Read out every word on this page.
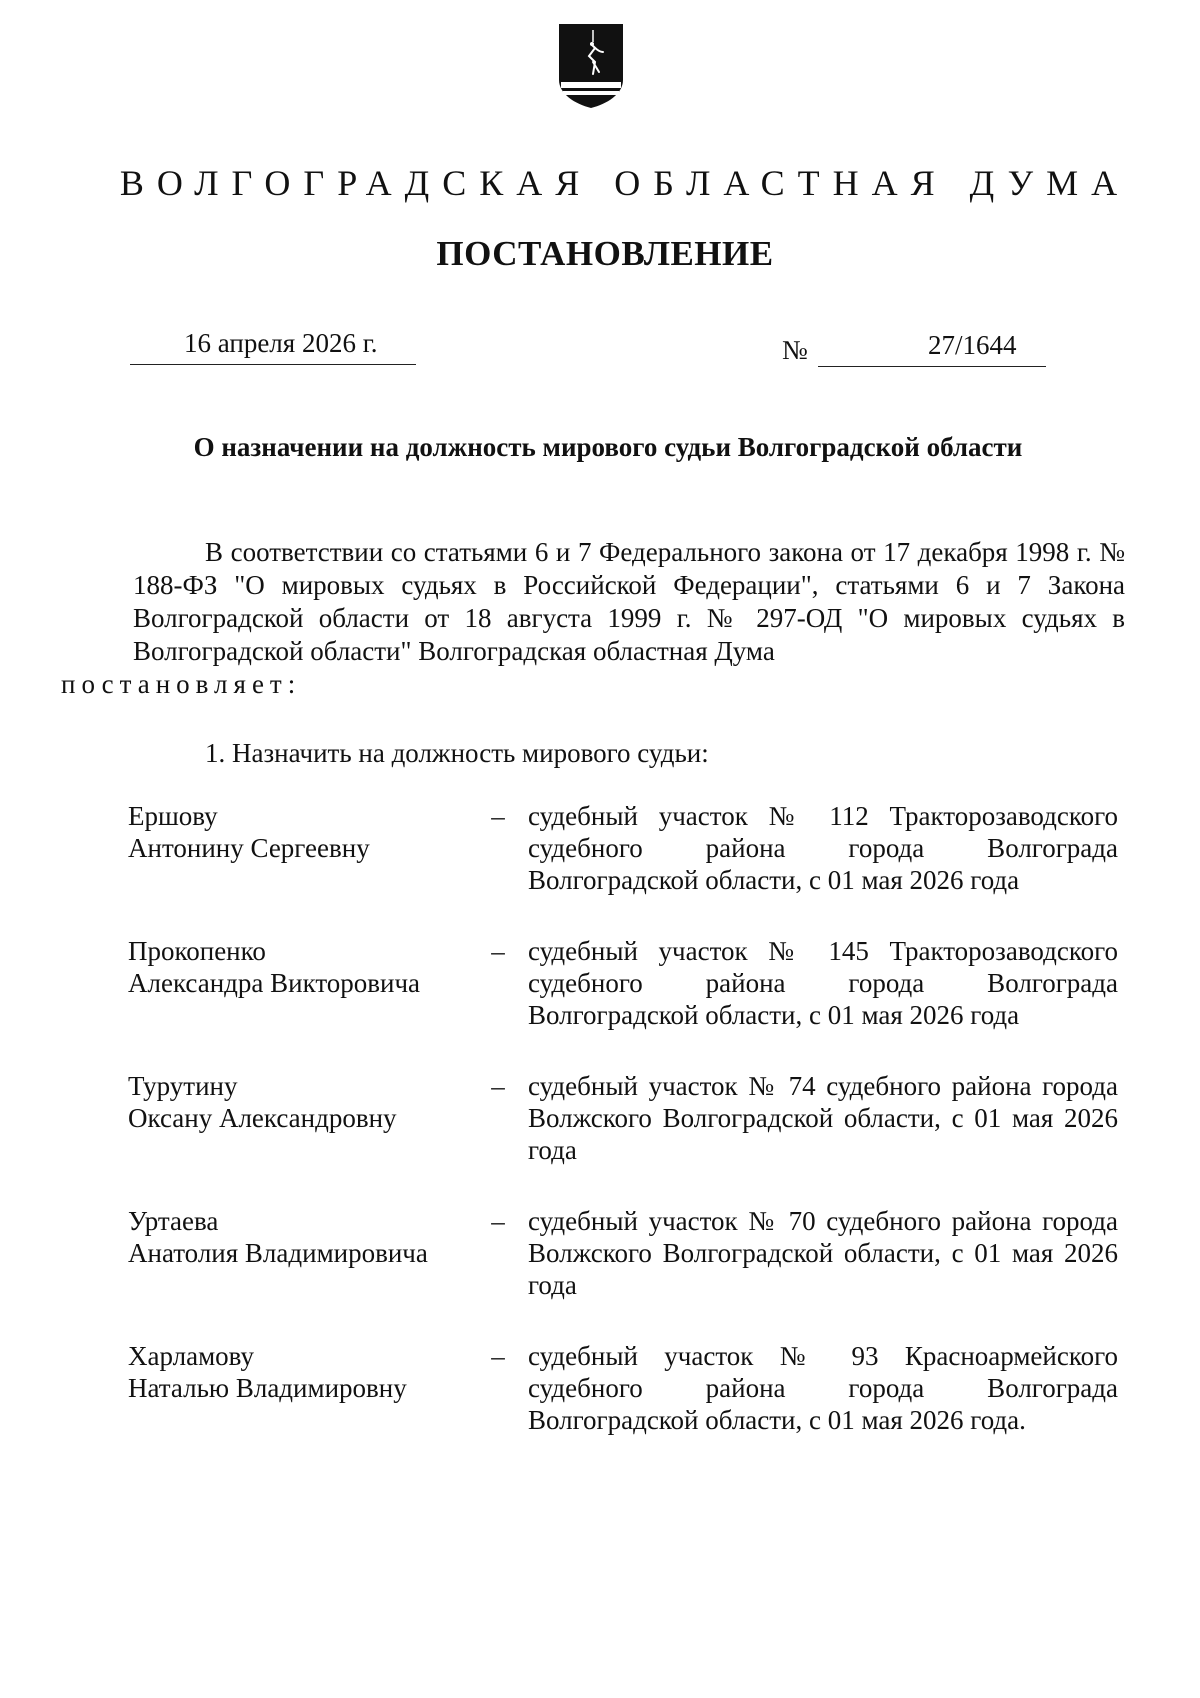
ВОЛГОГРАДСКАЯ ОБЛАСТНАЯ ДУМА
ПОСТАНОВЛЕНИЕ
16 апреля 2026 г.	№	27/1644
О назначении на должность мирового судьи Волгоградской области
В соответствии со статьями 6 и 7 Федерального закона от 17 декабря 1998 г. № 188-ФЗ "О мировых судьях в Российской Федерации", статьями 6 и 7 Закона Волгоградской области от 18 августа 1999 г. № 297-ОД "О мировых судьях в Волгоградской области" Волгоградская областная Дума
постановляет:
1. Назначить на должность мирового судьи:
Ершову
Антонину Сергеевну
– судебный участок № 112 Тракторозаводского судебного района города Волгограда Волгоградской области, с 01 мая 2026 года
Прокопенко
Александра Викторовича
– судебный участок № 145 Тракторозаводского судебного района города Волгограда Волгоградской области, с 01 мая 2026 года
Турутину
Оксану Александровну
– судебный участок № 74 судебного района города Волжского Волгоградской области, с 01 мая 2026 года
Уртаева
Анатолия Владимировича
– судебный участок № 70 судебного района города Волжского Волгоградской области, с 01 мая 2026 года
Харламову
Наталью Владимировну
– судебный участок № 93 Красноармейского судебного района города Волгограда Волгоградской области, с 01 мая 2026 года.
